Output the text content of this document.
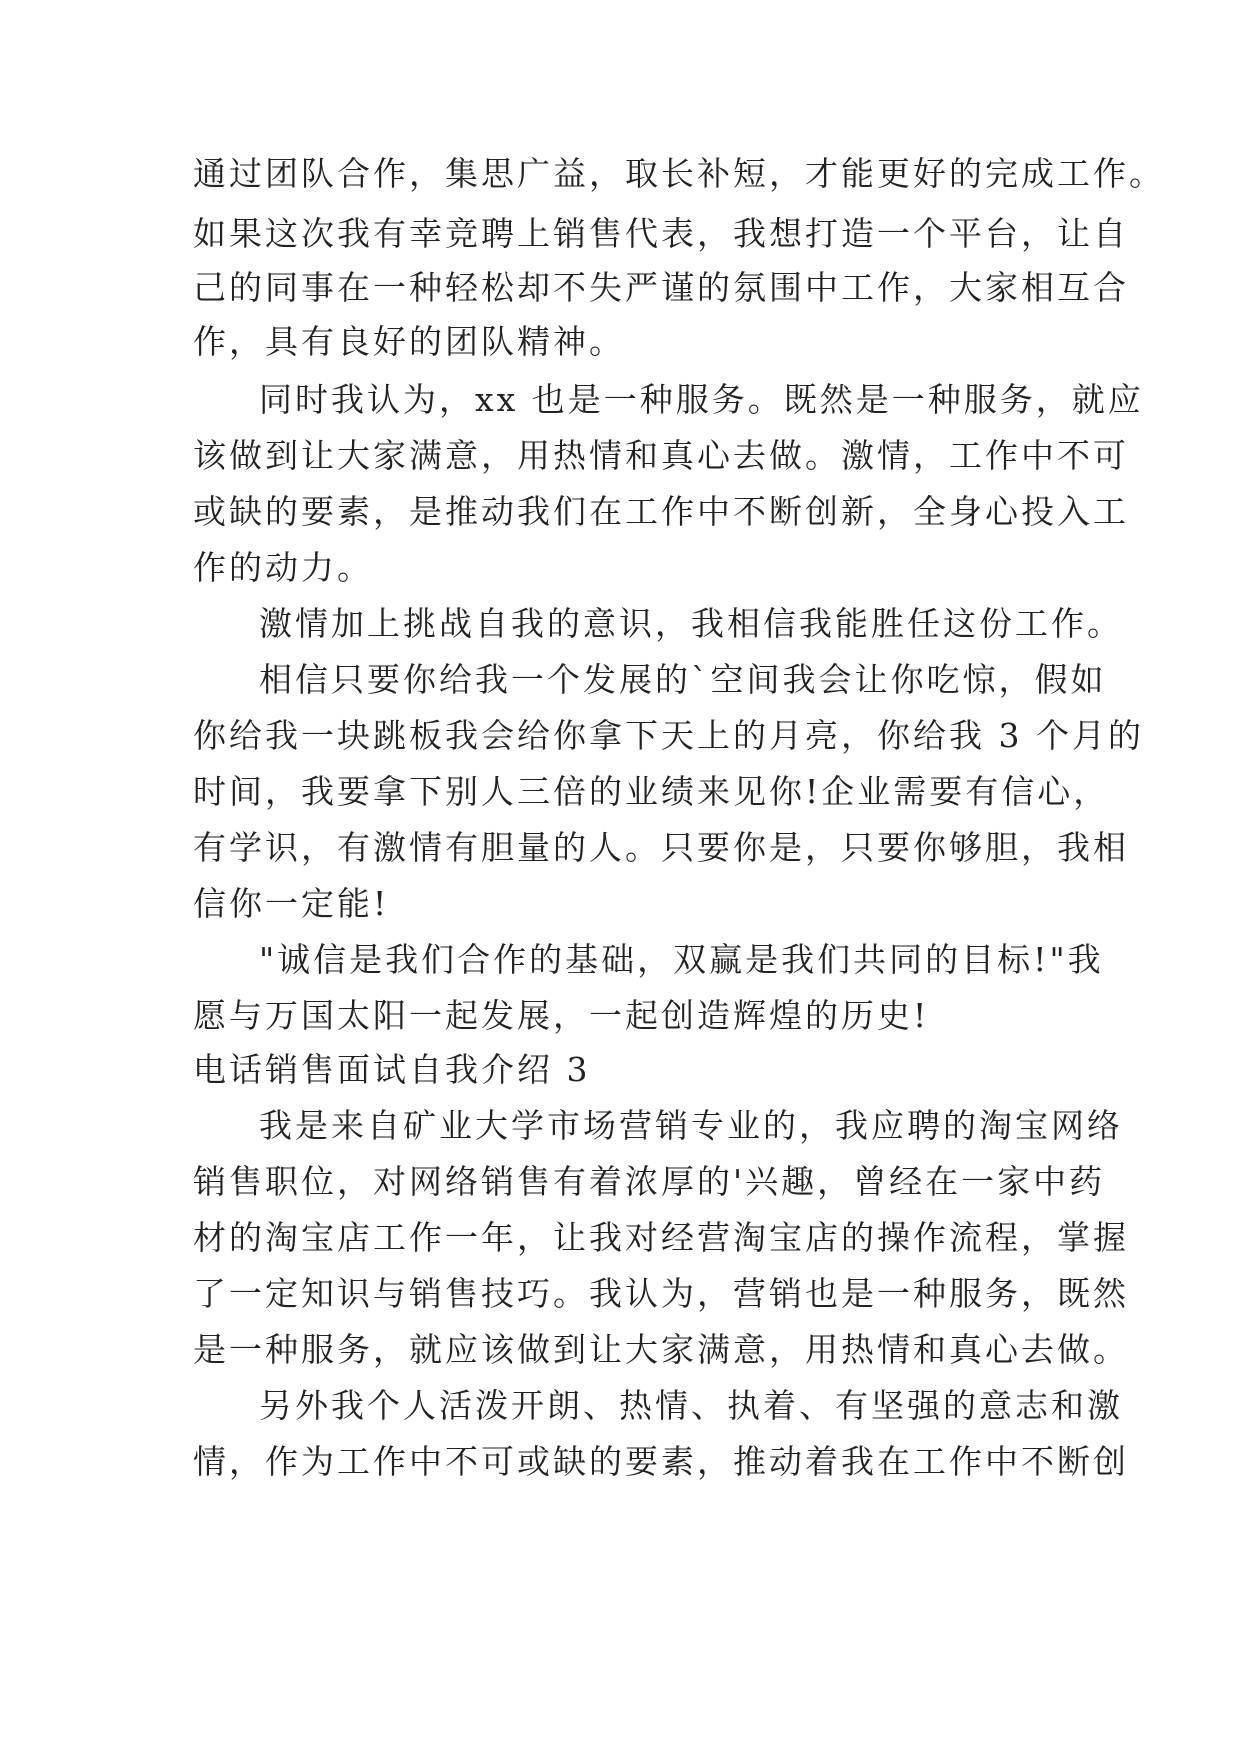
通过团队合作，集思广益，取长补短，才能更好的完成工作。
如果这次我有幸竞聘上销售代表，我想打造一个平台，让自
己的同事在一种轻松却不失严谨的氛围中工作，大家相互合
作，具有良好的团队精神。
同时我认为，xx 也是一种服务。既然是一种服务，就应
该做到让大家满意，用热情和真心去做。激情，工作中不可
或缺的要素，是推动我们在工作中不断创新，全身心投入工
作的动力。
激情加上挑战自我的意识，我相信我能胜任这份工作。
相信只要你给我一个发展的`空间我会让你吃惊，假如
你给我一块跳板我会给你拿下天上的月亮，你给我 3 个月的
时间，我要拿下别人三倍的业绩来见你!企业需要有信心，
有学识，有激情有胆量的人。只要你是，只要你够胆，我相
信你一定能!
"诚信是我们合作的基础，双赢是我们共同的目标!"我
愿与万国太阳一起发展，一起创造辉煌的历史!
电话销售面试自我介绍 3
我是来自矿业大学市场营销专业的，我应聘的淘宝网络
销售职位，对网络销售有着浓厚的'兴趣，曾经在一家中药
材的淘宝店工作一年，让我对经营淘宝店的操作流程，掌握
了一定知识与销售技巧。我认为，营销也是一种服务，既然
是一种服务，就应该做到让大家满意，用热情和真心去做。
另外我个人活泼开朗、热情、执着、有坚强的意志和激
情，作为工作中不可或缺的要素，推动着我在工作中不断创
